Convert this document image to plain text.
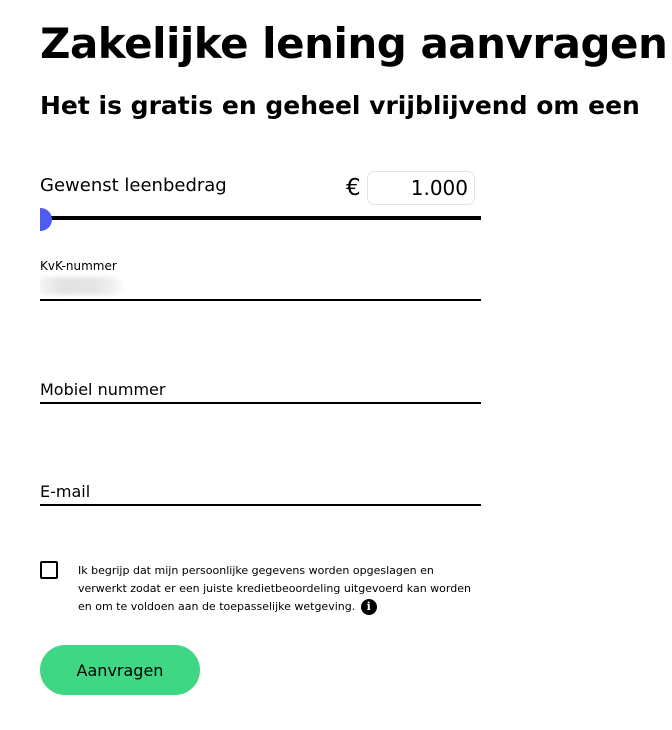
Zakelijke lening aanvragen
Het is gratis en geheel vrijblijvend om een
Gewenst leenbedrag	€
1.000
KvK-nummer
Mobiel nummer
E-mail
Ik begrijp dat mijn persoonlijke gegevens worden opgeslagen en verwerkt zodat er een juiste kredietbeoordeling uitgevoerd kan worden en om te voldoen aan de toepasselijke wetgeving. i
Aanvragen
